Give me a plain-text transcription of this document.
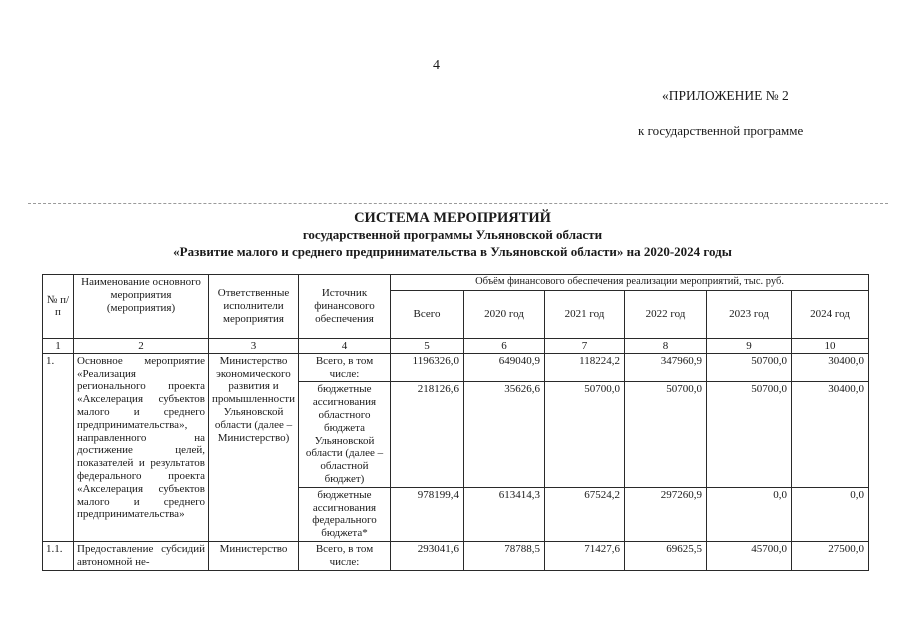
4
«ПРИЛОЖЕНИЕ № 2
к государственной программе
СИСТЕМА МЕРОПРИЯТИЙ
государственной программы Ульяновской области
«Развитие малого и среднего предпринимательства в Ульяновской области» на 2020-2024 годы
№ п/п	Наименование основного мероприятия (мероприятия)	Ответственные исполнители мероприятия	Источник финансового обеспечения	Объём финансового обеспечения реализации мероприятий, тыс. руб.					
				Всего	2020 год	2021 год	2022 год	2023 год	2024 год
1	2	3	4	5	6	7	8	9	10
1.	Основное мероприятие «Реализация регионального проекта «Акселерация субъектов малого и среднего предпринимательства», направленного на достижение целей, показателей и результатов федерального проекта «Акселерация субъектов малого и среднего предпринимательства»	Министерство экономического развития и промышленности Ульяновской области (далее – Министерство)	Всего, в том числе:	1196326,0	649040,9	118224,2	347960,9	50700,0	30400,0
			бюджетные ассигнования областного бюджета Ульяновской области (далее – областной бюджет)	218126,6	35626,6	50700,0	50700,0	50700,0	30400,0
			бюджетные ассигнования федерального бюджета*	978199,4	613414,3	67524,2	297260,9	0,0	0,0
1.1.	Предоставление субсидий автономной не-	Министерство	Всего, в том числе:	293041,6	78788,5	71427,6	69625,5	45700,0	27500,0
